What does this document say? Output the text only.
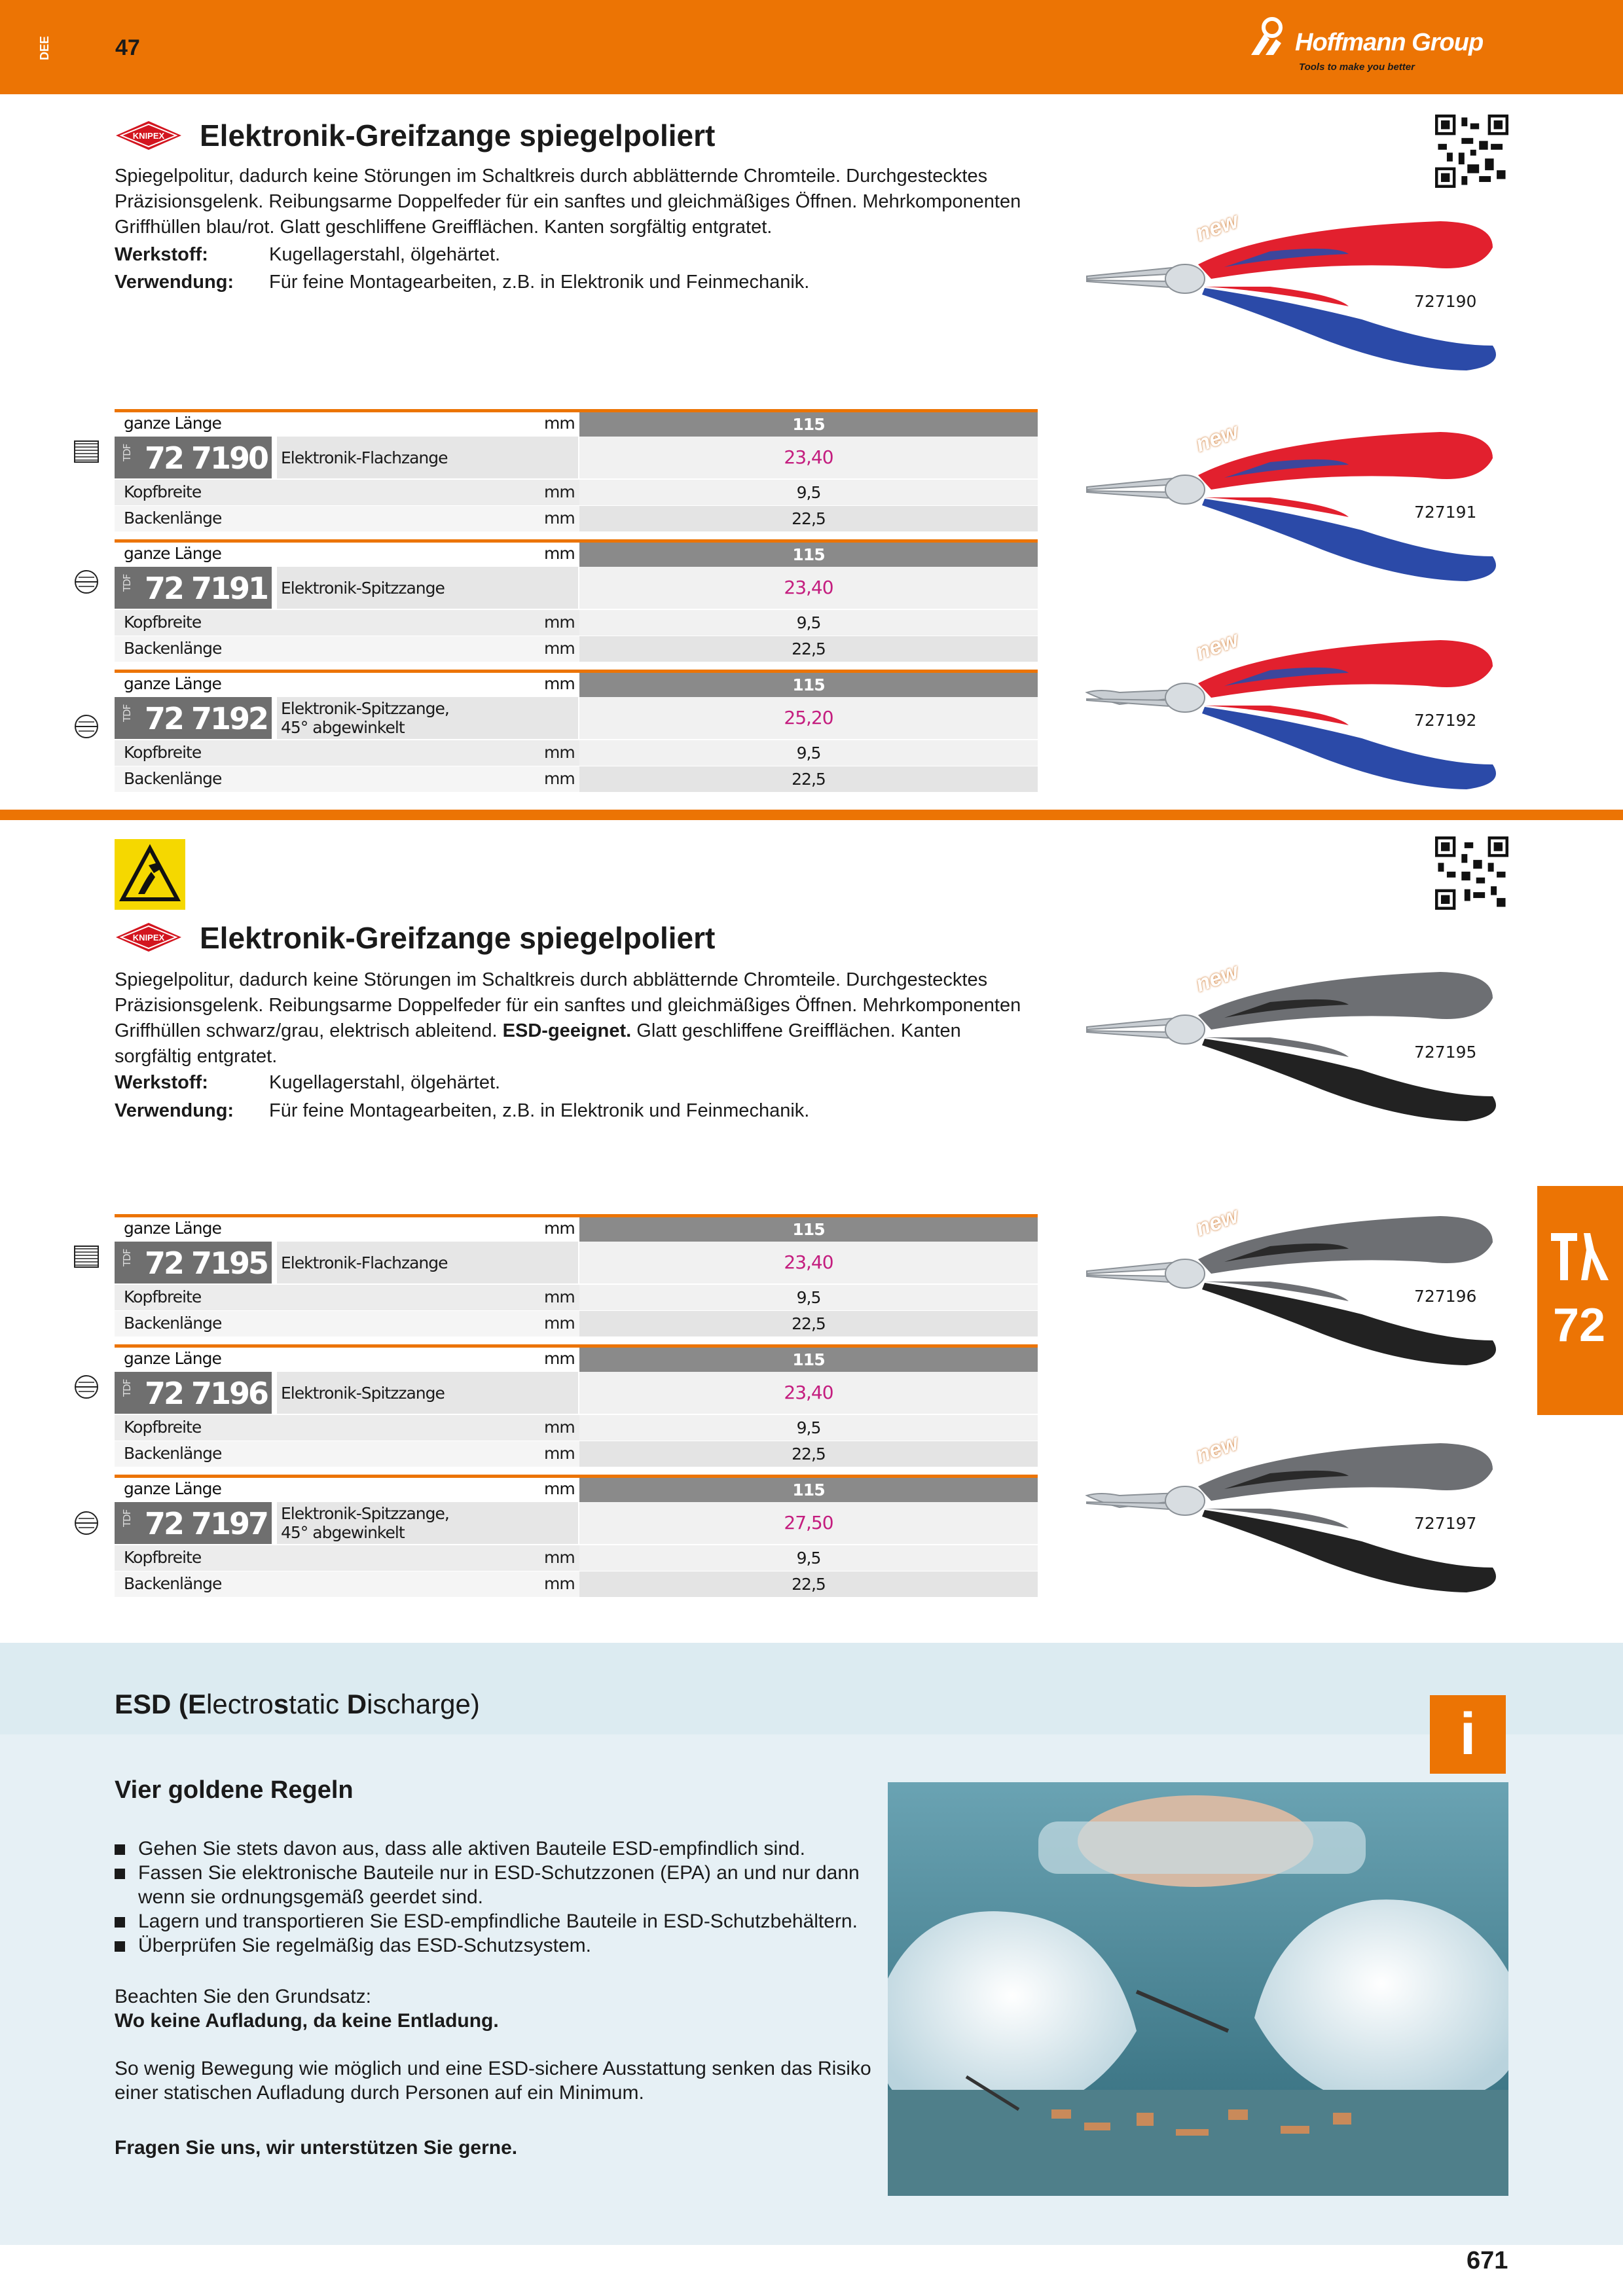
DEE	47	Hoffmann Group
Tools to make you better
KNIPEX Elektronik-Greifzange spiegelpoliert
Spiegelpolitur, dadurch keine Störungen im Schaltkreis durch abblätternde Chromteile. Durchgestecktes Präzisionsgelenk. Reibungsarme Doppelfeder für ein sanftes und gleichmäßiges Öffnen. Mehrkomponenten Griffhüllen blau/rot. Glatt geschliffene Greifflächen. Kanten sorgfältig entgratet.
Werkstoff:	Kugellagerstahl, ölgehärtet.
Verwendung: Für feine Montagearbeiten, z.B. in Elektronik und Feinmechanik.
ganze Länge	mm	115
TDF 72 7190 Elektronik-Flachzange	23,40
Kopfbreite	mm	9,5
Backenlänge	mm	22,5
ganze Länge	mm	115
TDF 72 7191 Elektronik-Spitzzange	23,40
Kopfbreite	mm	9,5
Backenlänge	mm	22,5
ganze Länge	mm	115
TDF 72 7192 Elektronik-Spitzzange,
45° abgewinkelt	25,20
Kopfbreite	mm	9,5
Backenlänge	mm	22,5
KNIPEX Elektronik-Greifzange spiegelpoliert
Spiegelpolitur, dadurch keine Störungen im Schaltkreis durch abblätternde Chromteile. Durchgestecktes Präzisionsgelenk. Reibungsarme Doppelfeder für ein sanftes und gleichmäßiges Öffnen. Mehrkomponenten Griffhüllen schwarz/grau, elektrisch ableitend. ESD-geeignet. Glatt geschliffene Greifflächen. Kanten sorgfältig entgratet.
Werkstoff:	Kugellagerstahl, ölgehärtet.
Verwendung: Für feine Montagearbeiten, z.B. in Elektronik und Feinmechanik.
ganze Länge	mm	115
TDF 72 7195 Elektronik-Flachzange	23,40
Kopfbreite	mm	9,5
Backenlänge	mm	22,5
ganze Länge	mm	115
TDF 72 7196 Elektronik-Spitzzange	23,40
Kopfbreite	mm	9,5
Backenlänge	mm	22,5
ganze Länge	mm	115
TDF 72 7197 Elektronik-Spitzzange,
45° abgewinkelt	27,50
Kopfbreite	mm	9,5
Backenlänge	mm	22,5
72
ESD (Electrostatic Discharge)	i
Vier goldene Regeln
Gehen Sie stets davon aus, dass alle aktiven Bauteile ESD-empfindlich sind.
Fassen Sie elektronische Bauteile nur in ESD-Schutzzonen (EPA) an und nur dann wenn sie ordnungsgemäß geerdet sind.
Lagern und transportieren Sie ESD-empfindliche Bauteile in ESD-Schutzbehältern.
Überprüfen Sie regelmäßig das ESD-Schutzsystem.
Beachten Sie den Grundsatz:
Wo keine Aufladung, da keine Entladung.
So wenig Bewegung wie möglich und eine ESD-sichere Ausstattung senken das Risiko einer statischen Aufladung durch Personen auf ein Minimum.
Fragen Sie uns, wir unterstützen Sie gerne.
671
new
727190
new
727191
new
727192
new
727195
new
727196
new
727197
